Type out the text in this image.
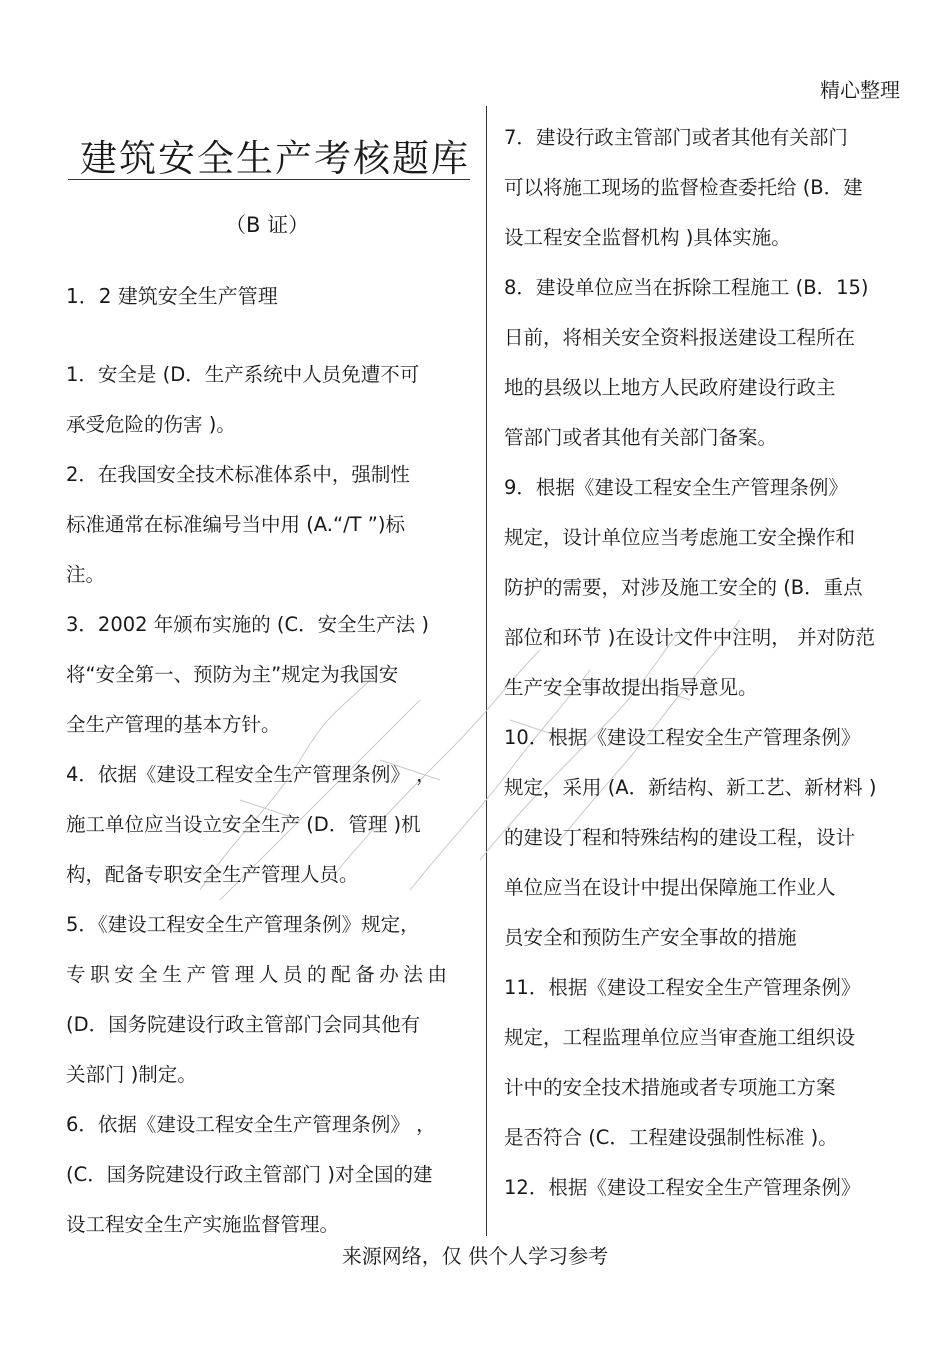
精心整理
建筑安全生产考核题库
（B 证）
1．2 建筑安全生产管理
1．安全是 (D．生产系统中人员免遭不可
承受危险的伤害 )。
2．在我国安全技术标准体系中，强制性
标准通常在标准编号当中用 (A.“/T ”)标
注。
3．2002 年颁布实施的 (C．安全生产法 )
将“安全第一、预防为主”规定为我国安
全生产管理的基本方针。
4．依据《建设工程安全生产管理条例》 ，
施工单位应当设立安全生产 (D．管理 )机
构，配备专职安全生产管理人员。
5．《建设工程安全生产管理条例》规定，
专职安全生产管理人员的配备办法由
(D．国务院建设行政主管部门会同其他有
关部门 )制定。
6．依据《建设工程安全生产管理条例》 ，
(C．国务院建设行政主管部门 )对全国的建
设工程安全生产实施监督管理。
7．建设行政主管部门或者其他有关部门
可以将施工现场的监督检查委托给 (B．建
设工程安全监督机构 )具体实施。
8．建设单位应当在拆除工程施工 (B．15)
日前，将相关安全资料报送建设工程所在
地的县级以上地方人民政府建设行政主
管部门或者其他有关部门备案。
9．根据《建设工程安全生产管理条例》
规定，设计单位应当考虑施工安全操作和
防护的需要，对涉及施工安全的 (B．重点
部位和环节 )在设计文件中注明， 并对防范
生产安全事故提出指导意见。
10．根据《建设工程安全生产管理条例》
规定，采用 (A．新结构、新工艺、新材料 )
的建设丁程和特殊结构的建设工程，设计
单位应当在设计中提出保障施工作业人
员安全和预防生产安全事故的措施
11．根据《建设工程安全生产管理条例》
规定，工程监理单位应当审查施工组织设
计中的安全技术措施或者专项施工方案
是否符合 (C．工程建设强制性标准 )。
12．根据《建设工程安全生产管理条例》
来源网络，仅 供个人学习参考
